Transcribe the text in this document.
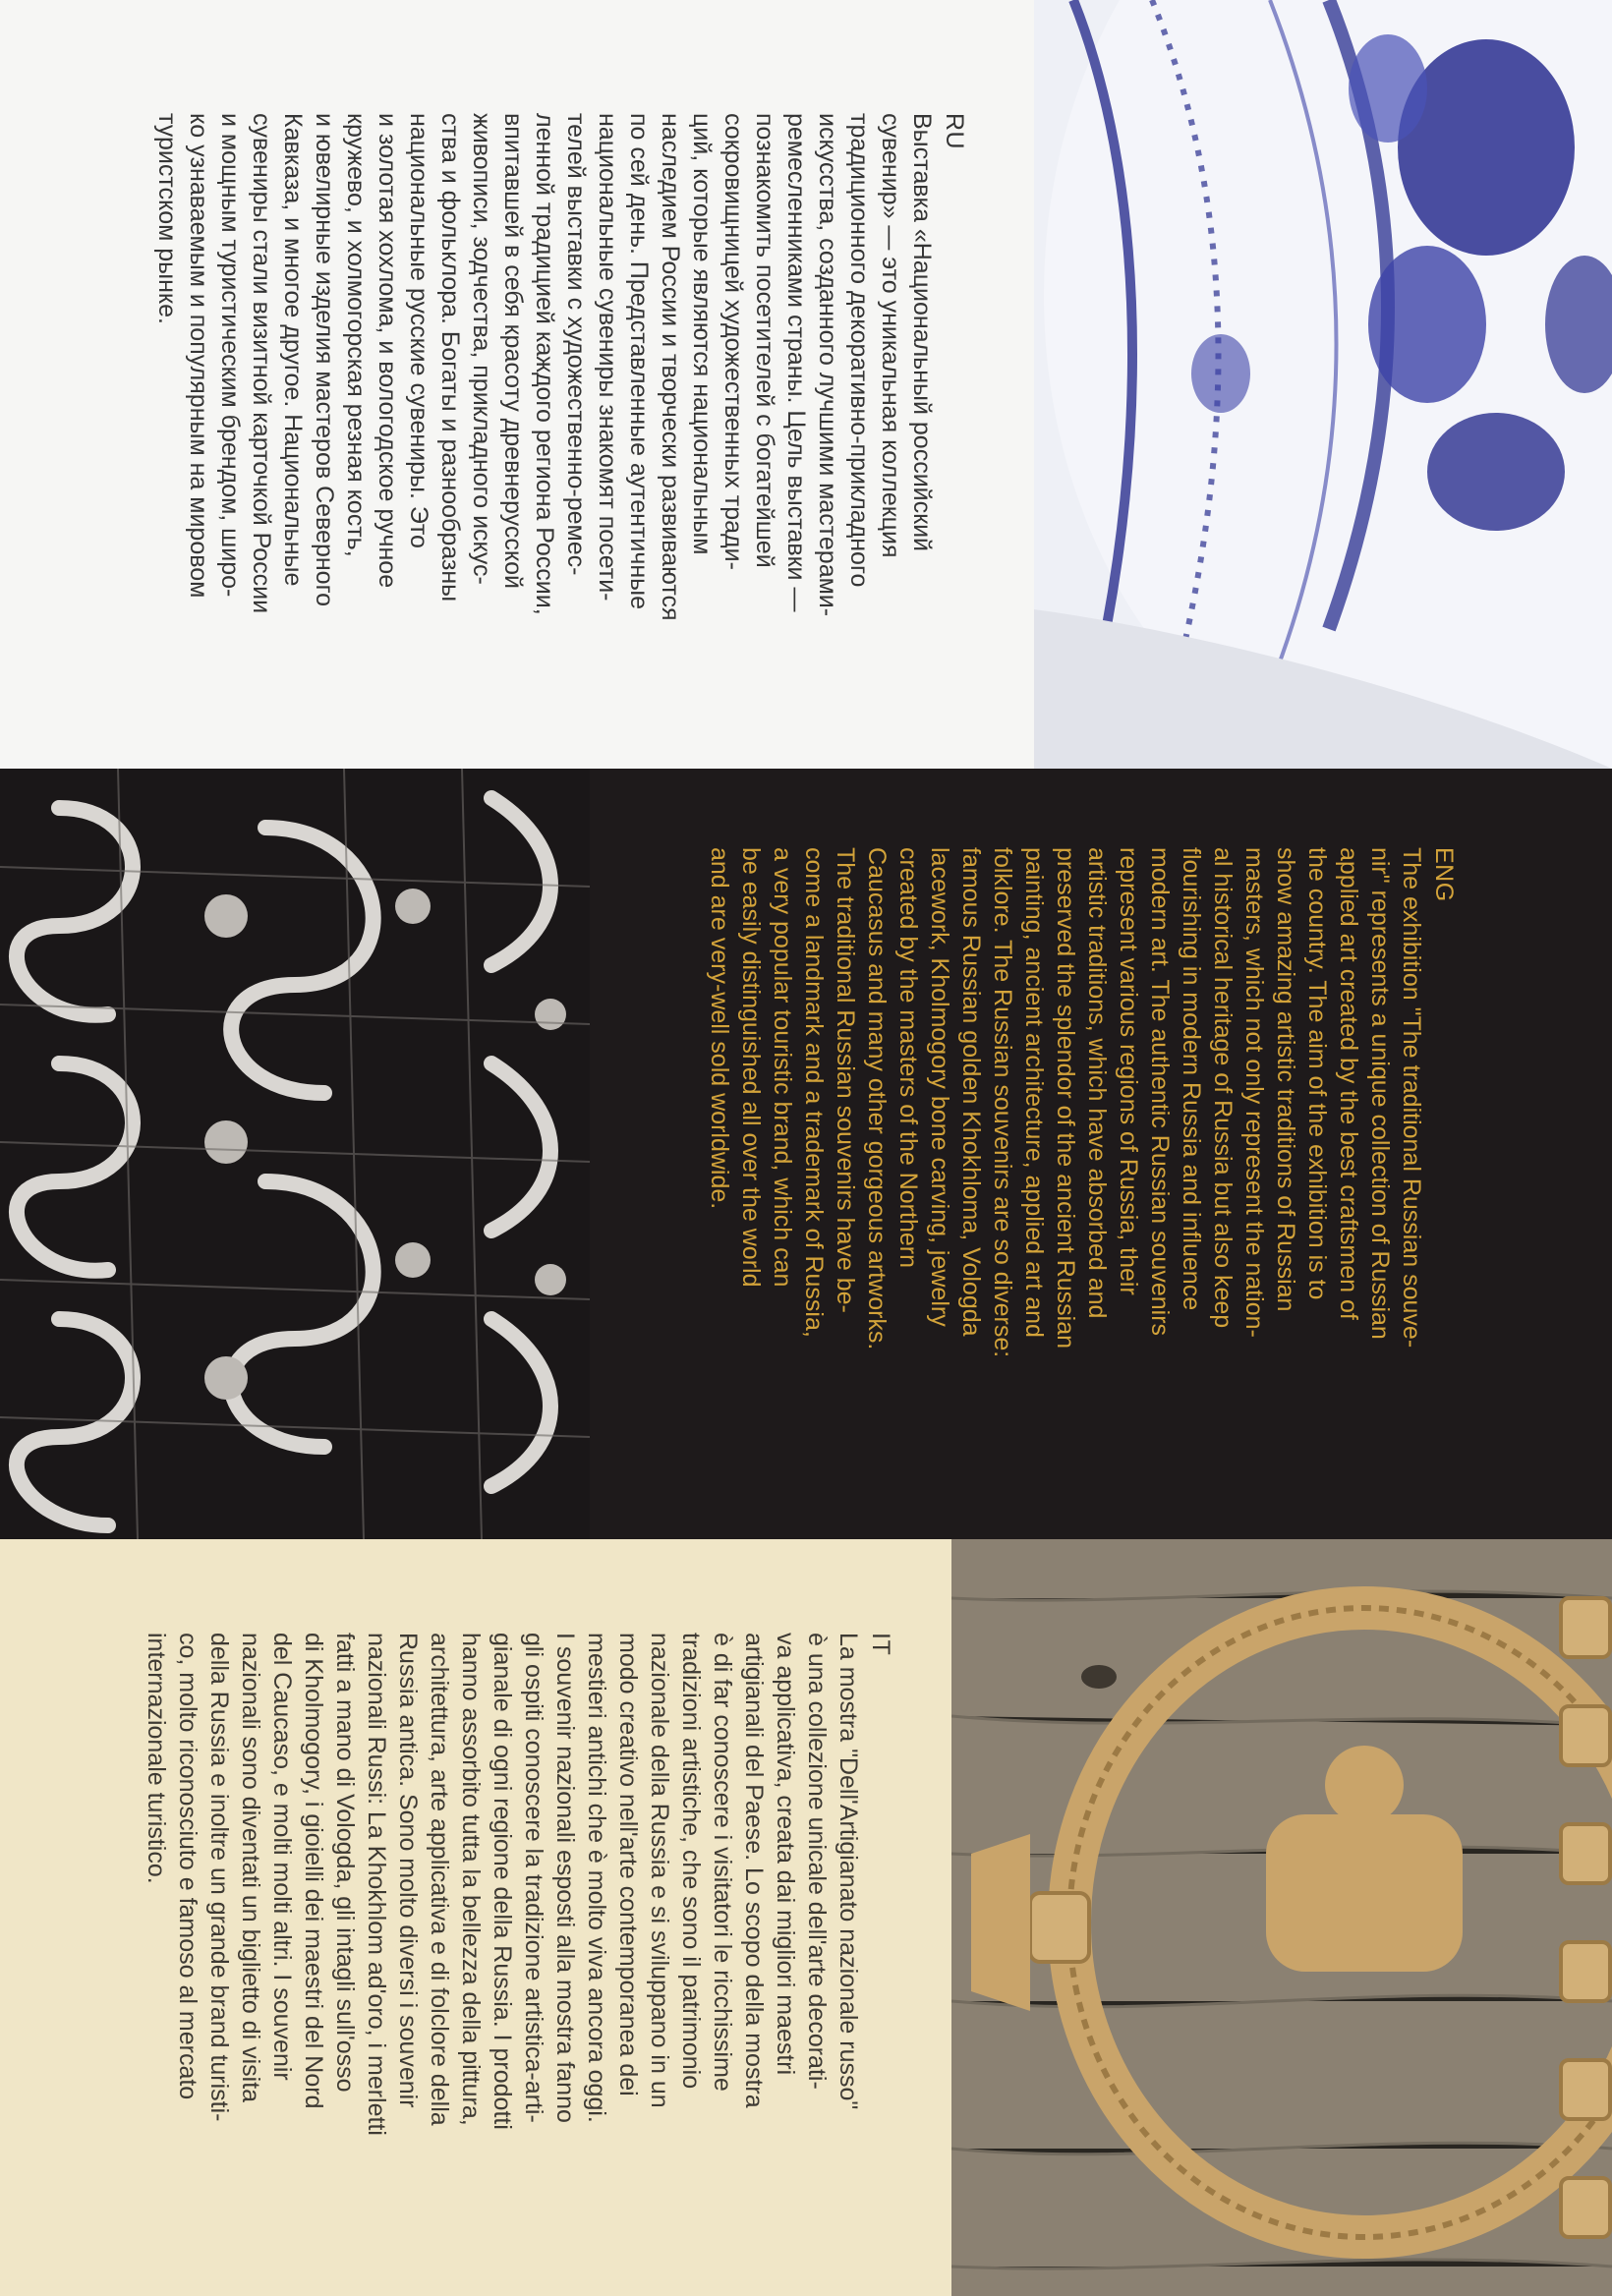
RU

Выставка «Национальный российский
сувенир» — это уникальная коллекция
традиционного декоративно-прикладного
искусства, созданного лучшими мастерами-
ремесленниками страны. Цель выставки —
познакомить посетителей с богатейшей
сокровищницей художественных тради-
ций, которые являются национальным
наследием России и творчески развиваются
по сей день. Представленные аутентичные
национальные сувениры знакомят посети-
телей выставки с художественно-ремес-
ленной традицией каждого региона России,
впитавшей в себя красоту древнерусской
живописи, зодчества, прикладного искус-
ства и фольклора. Богаты и разнообразны
национальные русские сувениры. Это
и золотая хохлома, и вологодское ручное
кружево, и холмогорская резная кость,
и ювелирные изделия мастеров Северного
Кавказа, и многое другое. Национальные
сувениры стали визитной карточкой России
и мощным туристическим брендом, широ-
ко узнаваемым и популярным на мировом
туристском рынке.

ENG

The exhibition "The traditional Russian souve-
nir" represents a unique collection of Russian
applied art created by the best craftsmen of
the country. The aim of the exhibition is to
show amazing artistic traditions of Russian
masters, which not only represent the nation-
al historical heritage of Russia but also keep
flourishing in modern Russia and influence
modern art. The authentic Russian souvenirs
represent various regions of Russia, their
artistic traditions, which have absorbed and
preserved the splendor of the ancient Russian
painting, ancient architecture, applied art and
folklore. The Russian souvenirs are so diverse:
famous Russian golden Khokhloma, Vologda
lacework, Kholmogory bone carving, jewelry
created by the masters of the Northern
Caucasus and many other gorgeous artworks.
The traditional Russian souvenirs have be-
come a landmark and a trademark of Russia,
a very popular touristic brand, which can
be easily distinguished all over the world
and are very-well sold worldwide.

IT

La mostra "Dell'Artigianato nazionale russo"
è una collezione unicale dell'arte decorati-
va applicativa, creata dai migliori maestri
artigianali del Paese. Lo scopo della mostra
è di far conoscere i visitatori le ricchissime
tradizioni artistiche, che sono il patrimonio
nazionale della Russia e si sviluppano in un
modo creativo nell'arte contemporanea dei
mestieri antichi che è molto viva ancora oggi.
I souvenir nazionali esposti alla mostra fanno
gli ospiti conoscere la tradizione artistica-arti-
gianale di ogni regione della Russia. I prodotti
hanno assorbito tutta la bellezza della pittura,
architettura, arte applicativa e di folclore della
Russia antica. Sono molto diversi i souvenir
nazionali Russi: La Khokhlom ad'oro, i merletti
fatti a mano di Vologda, gli intagli sull'osso
di Kholmogory, i gioielli dei maestri del Nord
del Caucaso, e molti molti altri. I souvenir
nazionali sono diventati un biglietto di visita
della Russia e inoltre un grande brand turisti-
co, molto riconosciuto e famoso al mercato
internazionale turistico.
